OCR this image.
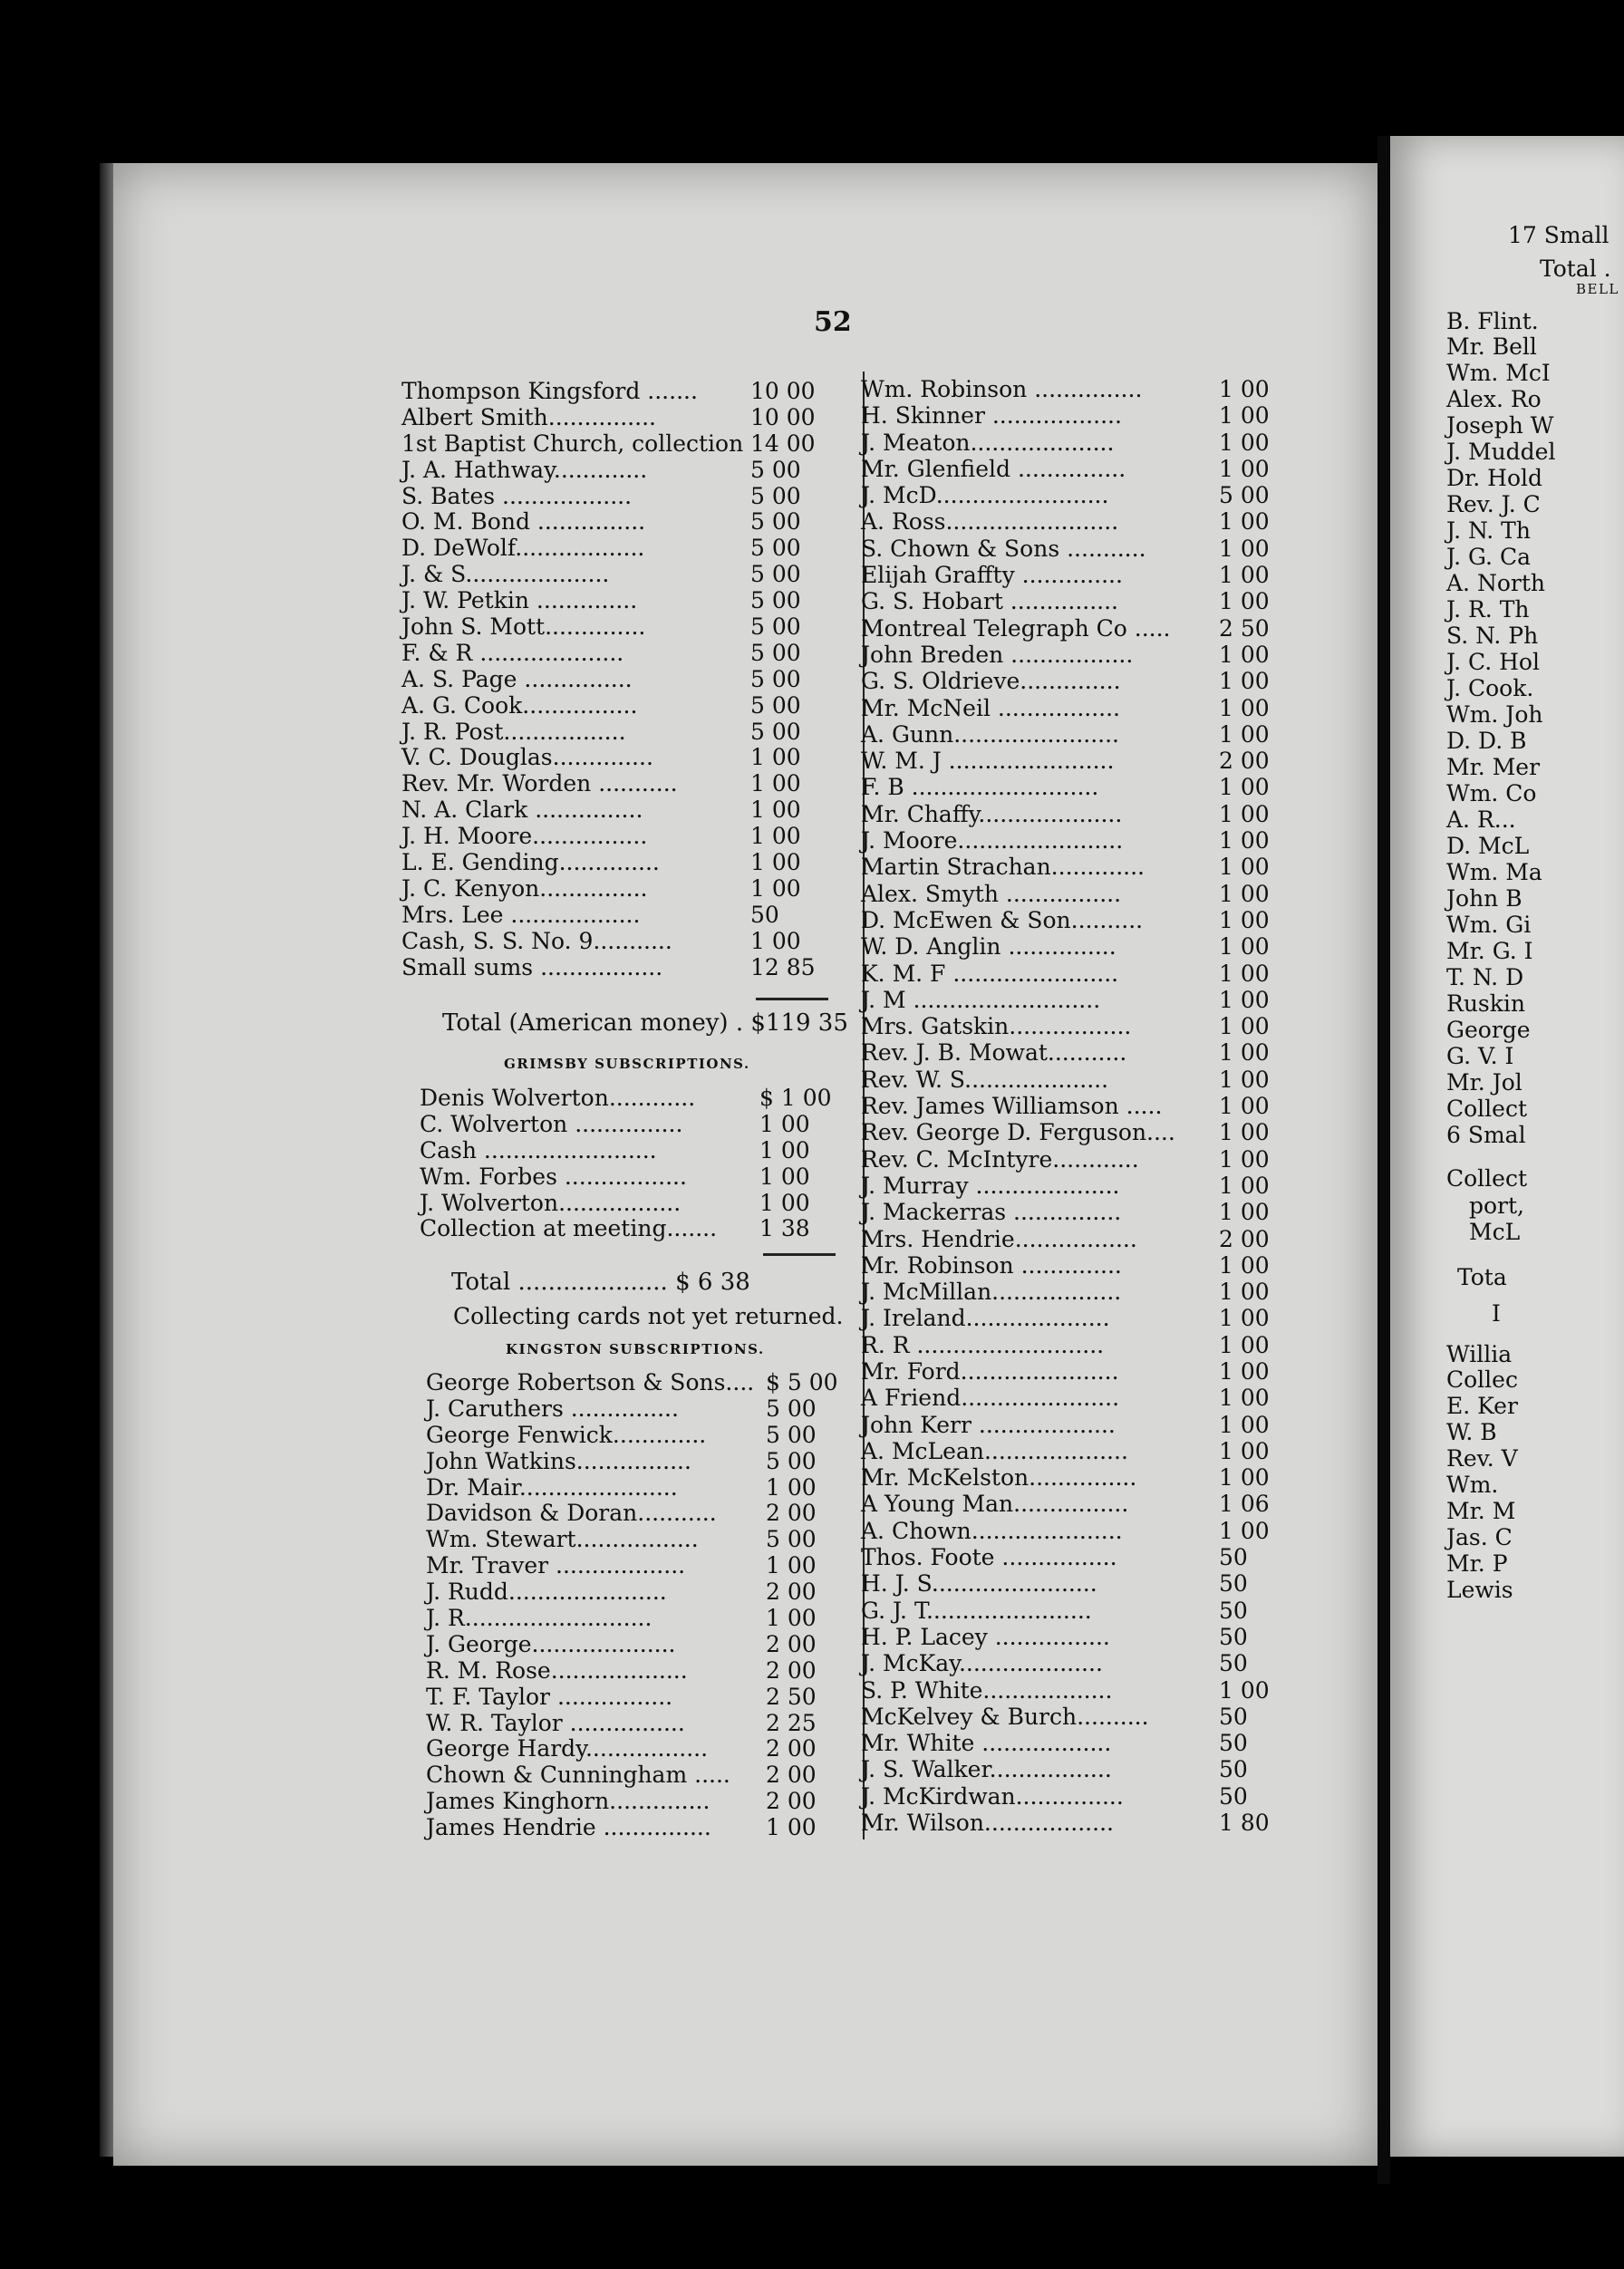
17 Small
Total .
BELL
B. Flint.
Mr. Bell
Wm. McI
Alex. Ro
Joseph W
J. Muddel
Dr. Hold
Rev. J. C
J. N. Th
J. G. Ca
A. North
J. R. Th
S. N. Ph
J. C. Hol
J. Cook.
Wm. Joh
D. D. B
Mr. Mer
Wm. Co
A. R...
D. McL
Wm. Ma
John B
Wm. Gi
Mr. G. I
T. N. D
Ruskin
George
G. V. I
Mr. Jol
Collect
6 Smal
Collect
port,
McL
Tota
I
Willia
Collec
E. Ker
W. B
Rev. V
Wm.
Mr. M
Jas. C
Mr. P
Lewis
52
Thompson Kingsford ....... 10 00
Albert Smith...............	10 00
1st Baptist Church, collection 14 00
J. A. Hathway.............	5 00
S. Bates ..................	5 00
O. M. Bond ...............	5 00
D. DeWolf..................	5 00
J. & S....................	5 00
J. W. Petkin ..............	5 00
John S. Mott..............	5 00
F. & R ....................	5 00
A. S. Page ...............	5 00
A. G. Cook................	5 00
J. R. Post.................	5 00
V. C. Douglas..............	1 00
Rev. Mr. Worden ...........	1 00
N. A. Clark ...............	1 00
J. H. Moore................	1 00
L. E. Gending..............	1 00
J. C. Kenyon...............	1 00
Mrs. Lee ..................	50
Cash, S. S. No. 9...........	1 00
Small sums .................	12 85
Total (American money) . $119 35
GRIMSBY SUBSCRIPTIONS.
Denis Wolverton............	$ 1 00
C. Wolverton ...............	1 00
Cash ........................	1 00
Wm. Forbes .................	1 00
J. Wolverton.................	1 00
Collection at meeting....... 1 38
Total .................... $ 6 38
Collecting cards not yet returned.
KINGSTON SUBSCRIPTIONS.
George Robertson & Sons.... $ 5 00
J. Caruthers ...............	5 00
George Fenwick.............	5 00
John Watkins................	5 00
Dr. Mair......................	1 00
Davidson & Doran........... 2 00
Wm. Stewart.................	5 00
Mr. Traver ..................	1 00
J. Rudd......................	2 00
J. R..........................	1 00
J. George....................	2 00
R. M. Rose...................	2 00
T. F. Taylor ................	2 50
W. R. Taylor ................	2 25
George Hardy.................	2 00
Chown & Cunningham ..... 2 00
James Kinghorn.............. 2 00
James Hendrie ............... 1 00
Wm. Robinson ...............	1 00
H. Skinner ..................	1 00
J. Meaton....................	1 00
Mr. Glenfield ...............	1 00
J. McD........................	5 00
A. Ross........................	1 00
S. Chown & Sons ...........	1 00
Elijah Graffty ..............	1 00
G. S. Hobart ...............	1 00
Montreal Telegraph Co ..... 2 50
John Breden .................	1 00
G. S. Oldrieve..............	1 00
Mr. McNeil .................	1 00
A. Gunn.......................	1 00
W. M. J .......................	2 00
F. B ..........................	1 00
Mr. Chaffy....................	1 00
J. Moore.......................	1 00
Martin Strachan.............	1 00
Alex. Smyth ................	1 00
D. McEwen & Son..........	1 00
W. D. Anglin ...............	1 00
K. M. F .......................	1 00
J. M ..........................	1 00
Mrs. Gatskin.................	1 00
Rev. J. B. Mowat...........	1 00
Rev. W. S....................	1 00
Rev. James Williamson .....	1 00
Rev. George D. Ferguson.... 1 00
Rev. C. McIntyre............	1 00
J. Murray ....................	1 00
J. Mackerras ...............	1 00
Mrs. Hendrie.................	2 00
Mr. Robinson ..............	1 00
J. McMillan..................	1 00
J. Ireland....................	1 00
R. R ..........................	1 00
Mr. Ford......................	1 00
A Friend......................	1 00
John Kerr ...................	1 00
A. McLean....................	1 00
Mr. McKelston...............	1 00
A Young Man................	1 06
A. Chown.....................	1 00
Thos. Foote ................	50
H. J. S.......................	50
G. J. T.......................	50
H. P. Lacey ................	50
J. McKay....................	50
S. P. White..................	1 00
McKelvey & Burch..........	50
Mr. White ..................	50
J. S. Walker.................	50
J. McKirdwan...............	50
Mr. Wilson..................	1 80
